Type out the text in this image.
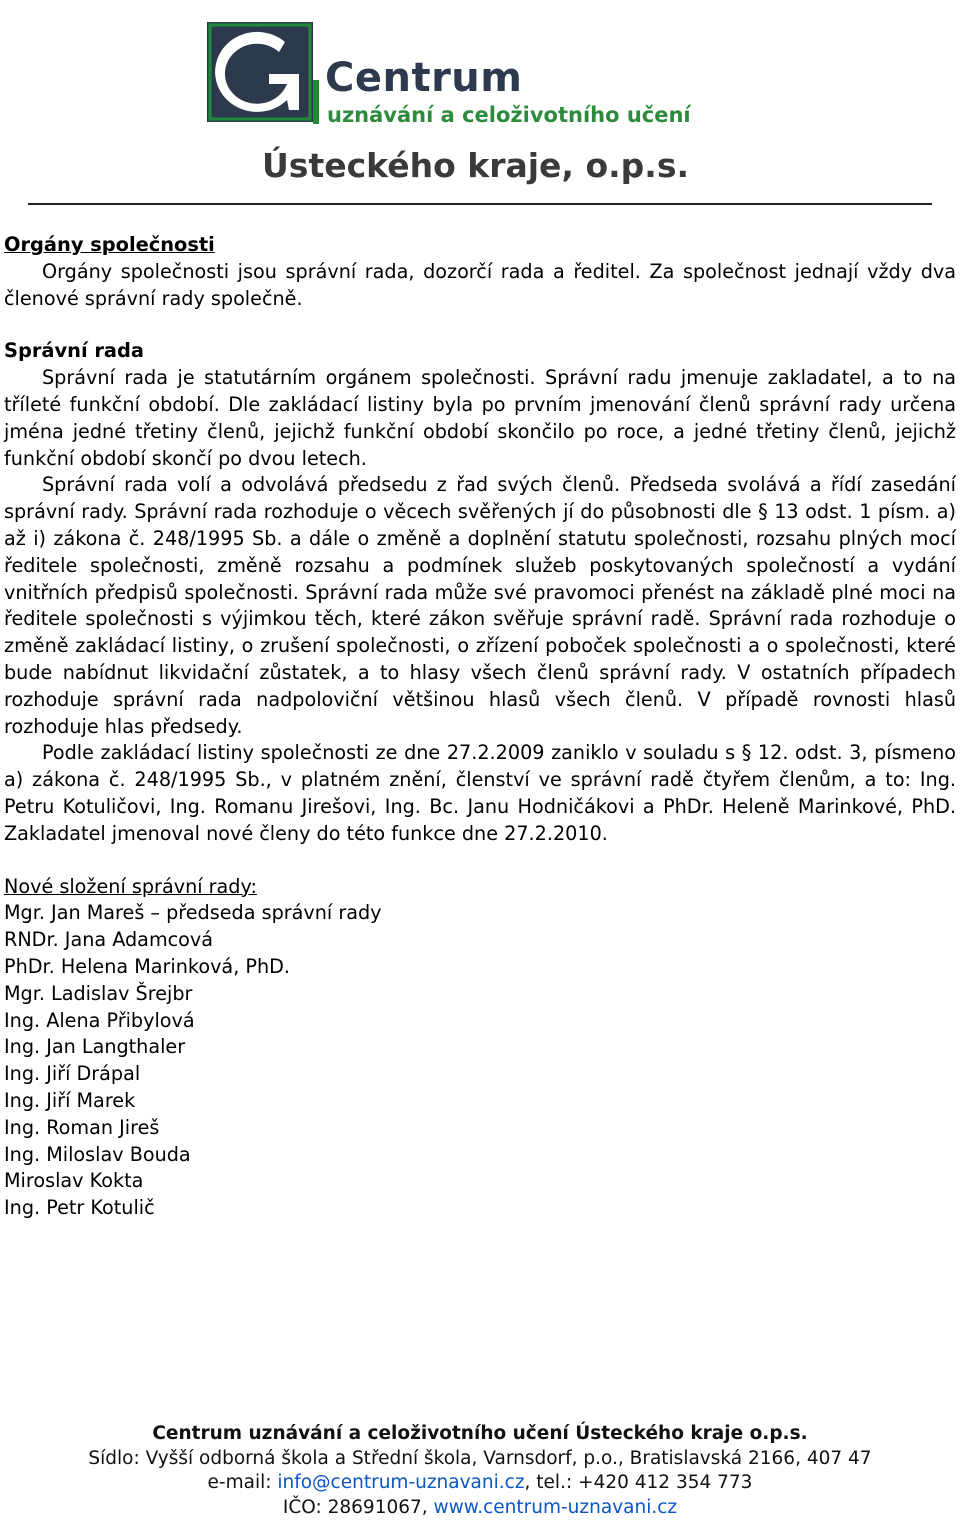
Centrum
uznávání a celoživotního učení
Ústeckého kraje, o.p.s.

Orgány společnosti

Orgány společnosti jsou správní rada, dozorčí rada a ředitel. Za společnost jednají vždy dva členové správní rady společně.

Správní rada

Správní rada je statutárním orgánem společnosti. Správní radu jmenuje zakladatel, a to na tříleté funkční období. Dle zakládací listiny byla po prvním jmenování členů správní rady určena jména jedné třetiny členů, jejichž funkční období skončilo po roce, a jedné třetiny členů, jejichž funkční období skončí po dvou letech.

Správní rada volí a odvolává předsedu z řad svých členů. Předseda svolává a řídí zasedání správní rady. Správní rada rozhoduje o věcech svěřených jí do působnosti dle § 13 odst. 1 písm. a) až i) zákona č. 248/1995 Sb. a dále o změně a doplnění statutu společnosti, rozsahu plných mocí ředitele společnosti, změně rozsahu a podmínek služeb poskytovaných společností a vydání vnitřních předpisů společnosti. Správní rada může své pravomoci přenést na základě plné moci na ředitele společnosti s výjimkou těch, které zákon svěřuje správní radě. Správní rada rozhoduje o změně zakládací listiny, o zrušení společnosti, o zřízení poboček společnosti a o společnosti, které bude nabídnut likvidační zůstatek, a to hlasy všech členů správní rady. V ostatních případech rozhoduje správní rada nadpoloviční většinou hlasů všech členů. V případě rovnosti hlasů rozhoduje hlas předsedy.

Podle zakládací listiny společnosti ze dne 27.2.2009 zaniklo v souladu s § 12. odst. 3, písmeno a) zákona č. 248/1995 Sb., v platném znění, členství ve správní radě čtyřem členům, a to: Ing. Petru Kotuličovi, Ing. Romanu Jirešovi, Ing. Bc. Janu Hodničákovi a PhDr. Heleně Marinkové, PhD. Zakladatel jmenoval nové členy do této funkce dne 27.2.2010.

Nové složení správní rady:

Mgr. Jan Mareš – předseda správní rady

RNDr. Jana Adamcová

PhDr. Helena Marinková, PhD.

Mgr. Ladislav Šrejbr

Ing. Alena Přibylová

Ing. Jan Langthaler

Ing. Jiří Drápal

Ing. Jiří Marek

Ing. Roman Jireš

Ing. Miloslav Bouda

Miroslav Kokta

Ing. Petr Kotulič

Centrum uznávání a celoživotního učení Ústeckého kraje o.p.s.
Sídlo: Vyšší odborná škola a Střední škola, Varnsdorf, p.o., Bratislavská 2166, 407 47
e-mail: info@centrum-uznavani.cz, tel.: +420 412 354 773
IČO: 28691067, www.centrum-uznavani.cz
